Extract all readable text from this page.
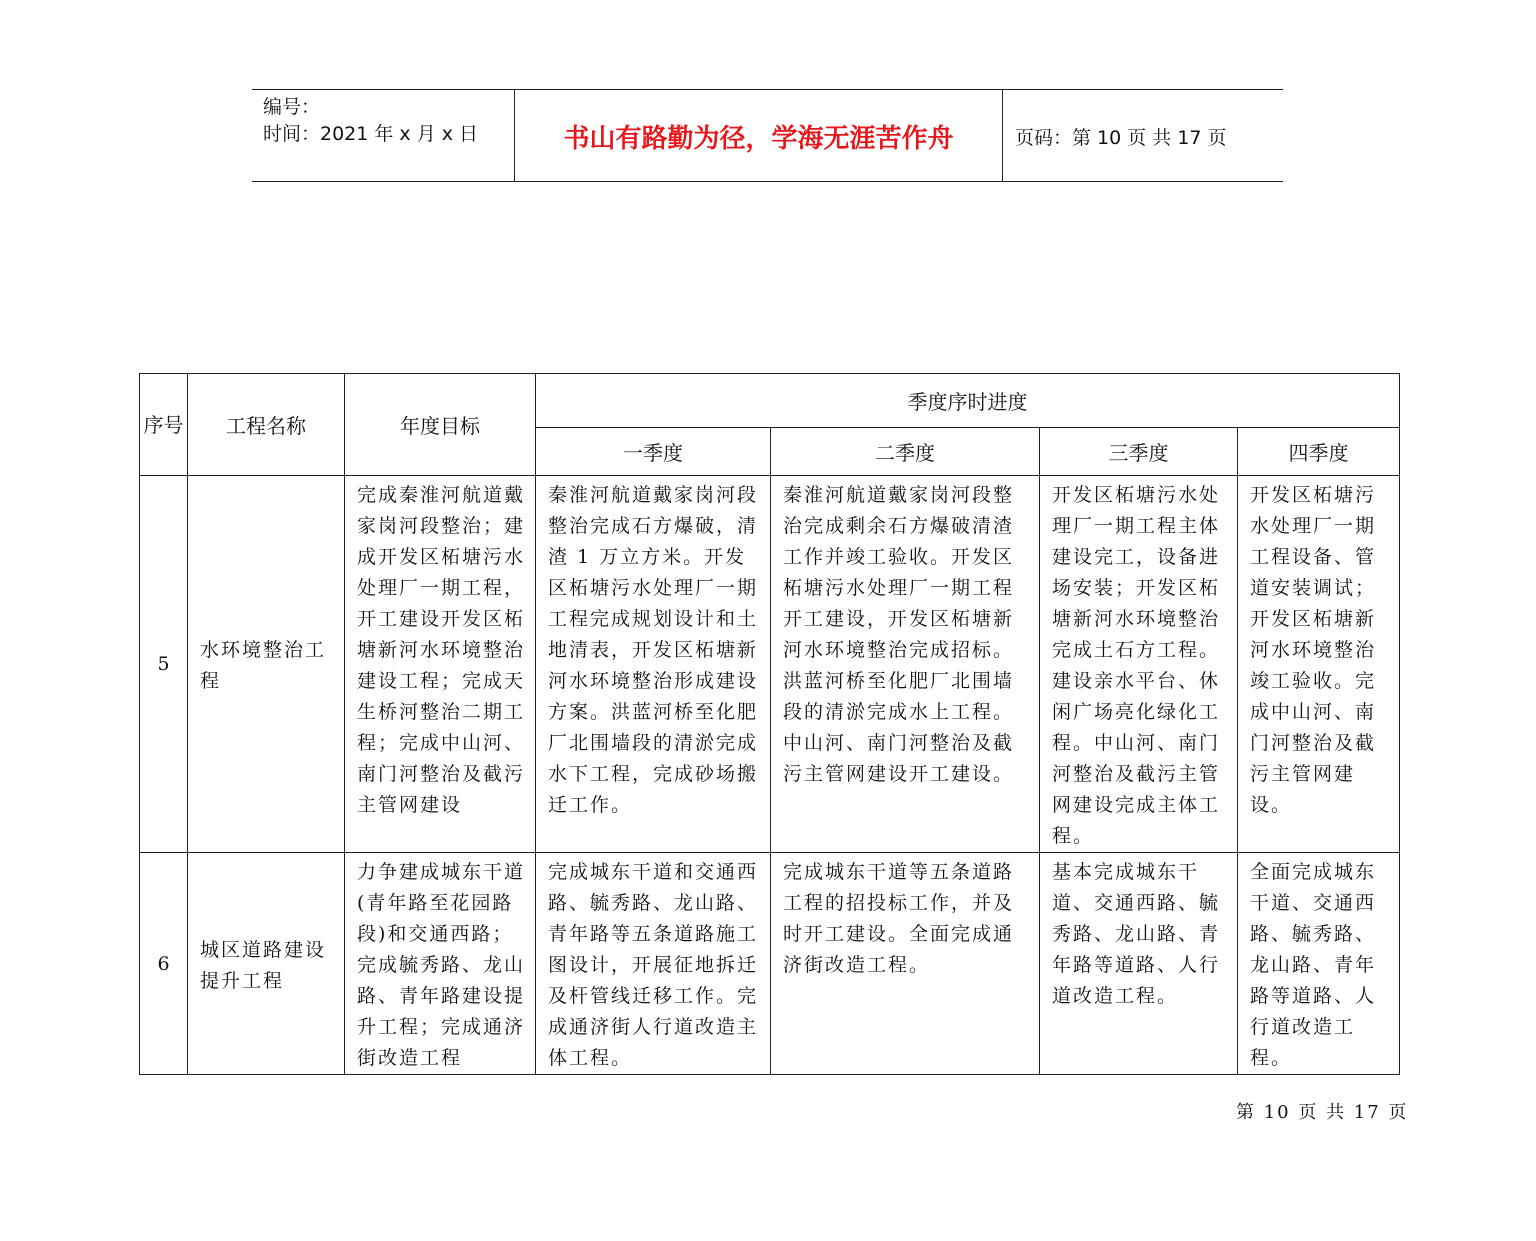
编号：
时间：2021 年 x 月 x 日	书山有路勤为径，学海无涯苦作舟	页码：第 10 页 共 17 页
序号	工程名称	年度目标	季度序时进度			
			一季度	二季度	三季度	四季度
5	水环境整治工程	完成秦淮河航道戴家岗河段整治；建成开发区柘塘污水处理厂一期工程，开工建设开发区柘塘新河水环境整治建设工程；完成天生桥河整治二期工程；完成中山河、南门河整治及截污主管网建设	秦淮河航道戴家岗河段整治完成石方爆破，清渣 1 万立方米。开发区柘塘污水处理厂一期工程完成规划设计和土地清表，开发区柘塘新河水环境整治形成建设方案。洪蓝河桥至化肥厂北围墙段的清淤完成水下工程，完成砂场搬迁工作。	秦淮河航道戴家岗河段整治完成剩余石方爆破清渣工作并竣工验收。开发区柘塘污水处理厂一期工程开工建设，开发区柘塘新河水环境整治完成招标。洪蓝河桥至化肥厂北围墙段的清淤完成水上工程。中山河、南门河整治及截污主管网建设开工建设。	开发区柘塘污水处理厂一期工程主体建设完工，设备进场安装；开发区柘塘新河水环境整治完成土石方工程。建设亲水平台、休闲广场亮化绿化工程。中山河、南门河整治及截污主管网建设完成主体工程。	开发区柘塘污水处理厂一期工程设备、管道安装调试；开发区柘塘新河水环境整治竣工验收。完成中山河、南门河整治及截污主管网建设。

6	城区道路建设提升工程	力争建成城东干道(青年路至花园路段)和交通西路；完成毓秀路、龙山路、青年路建设提升工程；完成通济街改造工程	完成城东干道和交通西路、毓秀路、龙山路、青年路等五条道路施工图设计，开展征地拆迁及杆管线迁移工作。完成通济街人行道改造主体工程。	完成城东干道等五条道路工程的招投标工作，并及时开工建设。全面完成通济街改造工程。	基本完成城东干道、交通西路、毓秀路、龙山路、青年路等道路、人行道改造工程。	全面完成城东干道、交通西路、毓秀路、龙山路、青年路等道路、人行道改造工程。
第 10 页 共 17 页
